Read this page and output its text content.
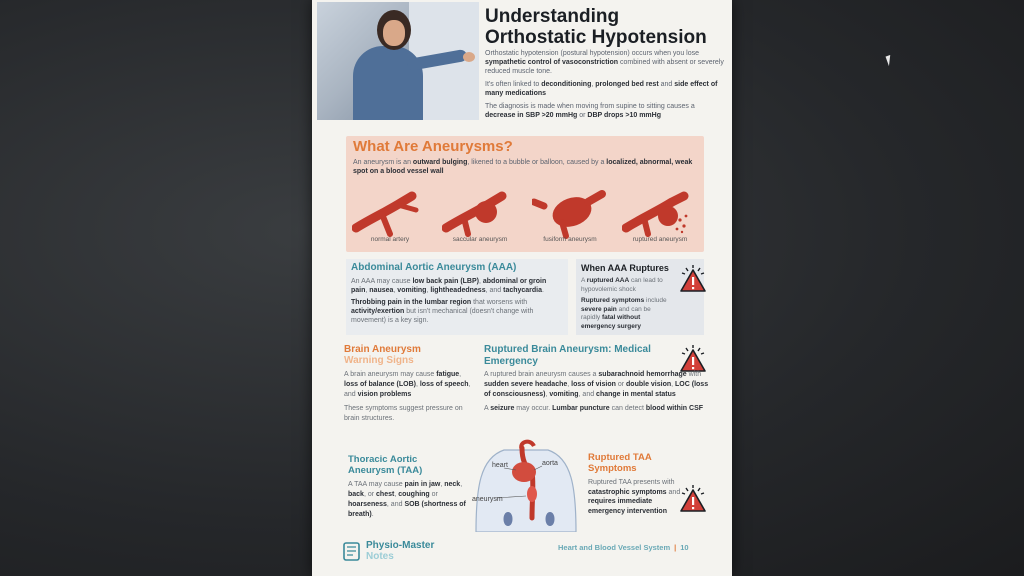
Understanding Orthostatic Hypotension

Orthostatic hypotension (postural hypotension) occurs when you lose sympathetic control of vasoconstriction combined with absent or severely reduced muscle tone.

It's often linked to deconditioning, prolonged bed rest and side effect of many medications

The diagnosis is made when moving from supine to sitting causes a decrease in SBP >20 mmHg or DBP drops >10 mmHg

What Are Aneurysms?
An aneurysm is an outward bulging, likened to a bubble or balloon, caused by a localized, abnormal, weak spot on a blood vessel wall
normal artery	saccular aneurysm	fusiform aneurysm	ruptured aneurysm
Abdominal Aortic Aneurysm (AAA)

An AAA may cause low back pain (LBP), abdominal or groin pain, nausea, vomiting, lightheadedness, and tachycardia.

Throbbing pain in the lumbar region that worsens with activity/exertion but isn't mechanical (doesn't change with movement) is a key sign.

When AAA Ruptures

A ruptured AAA can lead to hypovolemic shock

Ruptured symptoms include severe pain and can be rapidly fatal without emergency surgery

Brain Aneurysm
Warning Signs

A brain aneurysm may cause fatigue, loss of balance (LOB), loss of speech, and vision problems

These symptoms suggest pressure on brain structures.

Ruptured Brain Aneurysm: Medical Emergency

A ruptured brain aneurysm causes a subarachnoid hemorrhage with sudden severe headache, loss of vision or double vision, LOC (loss of consciousness), vomiting, and change in mental status

A seizure may occur. Lumbar puncture can detect blood within CSF

Thoracic Aortic Aneurysm (TAA)
A TAA may cause pain in jaw, neck, back, or chest, coughing or hoarseness, and SOB (shortness of breath).
heart	aorta
aneurysm
Ruptured TAA Symptoms
Ruptured TAA presents with catastrophic symptoms and requires immediate emergency intervention
Physio-Master
Notes
Heart and Blood Vessel System | 10
